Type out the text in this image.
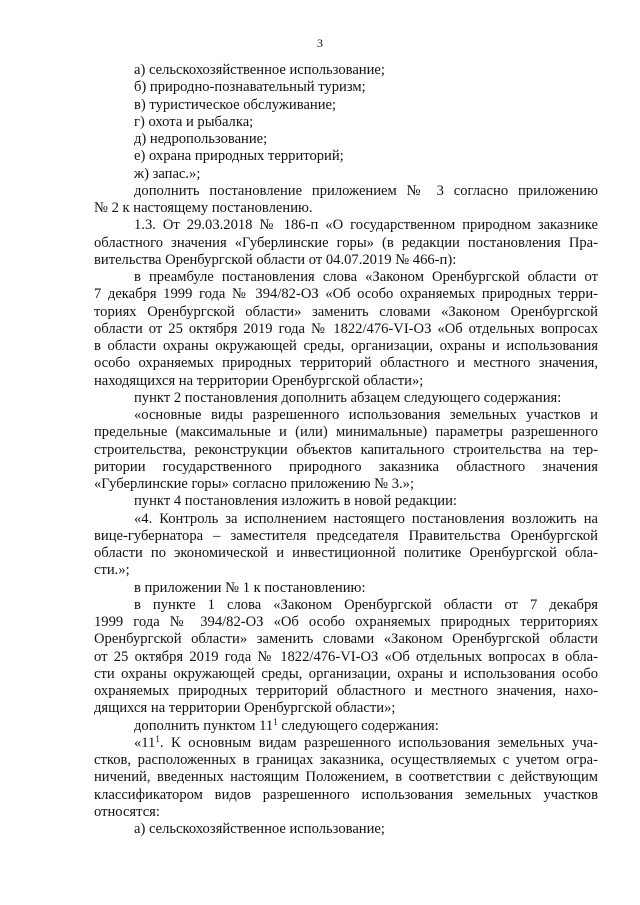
3
а) сельскохозяйственное использование;
б) природно-познавательный туризм;
в) туристическое обслуживание;
г) охота и рыбалка;
д) недропользование;
е) охрана природных территорий;
ж) запас.»;
дополнить постановление приложением № 3 согласно приложению
№ 2 к настоящему постановлению.
1.3. От 29.03.2018 № 186-п «О государственном природном заказнике
областного значения «Губерлинские горы» (в редакции постановления Пра-
вительства Оренбургской области от 04.07.2019 № 466-п):
в преамбуле постановления слова «Законом Оренбургской области от
7 декабря 1999 года № 394/82-ОЗ «Об особо охраняемых природных терри-
ториях Оренбургской области» заменить словами «Законом Оренбургской
области от 25 октября 2019 года № 1822/476-VI-ОЗ «Об отдельных вопросах
в области охраны окружающей среды, организации, охраны и использования
особо охраняемых природных территорий областного и местного значения,
находящихся на территории Оренбургской области»;
пункт 2 постановления дополнить абзацем следующего содержания:
«основные виды разрешенного использования земельных участков и
предельные (максимальные и (или) минимальные) параметры разрешенного
строительства, реконструкции объектов капитального строительства на тер-
ритории государственного природного заказника областного значения
«Губерлинские горы» согласно приложению № 3.»;
пункт 4 постановления изложить в новой редакции:
«4. Контроль за исполнением настоящего постановления возложить на
вице-губернатора – заместителя председателя Правительства Оренбургской
области по экономической и инвестиционной политике Оренбургской обла-
сти.»;
в приложении № 1 к постановлению:
в пункте 1 слова «Законом Оренбургской области от 7 декабря
1999 года № 394/82-ОЗ «Об особо охраняемых природных территориях
Оренбургской области» заменить словами «Законом Оренбургской области
от 25 октября 2019 года № 1822/476-VI-ОЗ «Об отдельных вопросах в обла-
сти охраны окружающей среды, организации, охраны и использования особо
охраняемых природных территорий областного и местного значения, нахо-
дящихся на территории Оренбургской области»;
дополнить пунктом $11^1$ следующего содержания:
«$11^1$. К основным видам разрешенного использования земельных уча-
стков, расположенных в границах заказника, осуществляемых с учетом огра-
ничений, введенных настоящим Положением, в соответствии с действующим
классификатором видов разрешенного использования земельных участков
относятся:
а) сельскохозяйственное использование;
